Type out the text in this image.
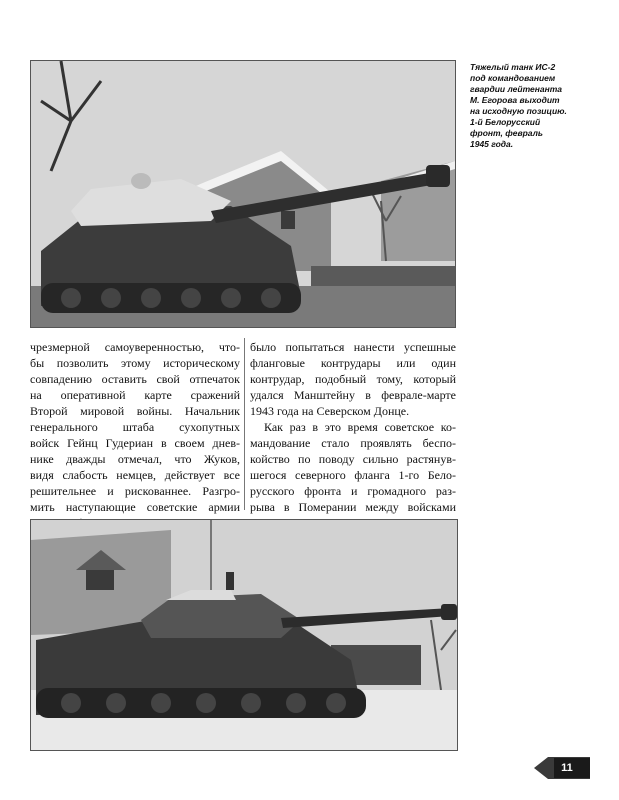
Тяжелый танк ИС-2
под командованием
гвардии лейтенанта
М. Егорова выходит
на исходную позицию.
1-й Белорусский
фронт, февраль
1945 года.
чрезмерной самоуверенностью, что-
бы позволить этому историческому
совпадению оставить свой отпечаток
на оперативной карте сражений
Второй мировой войны. Начальник
генерального штаба сухопутных
войск Гейнц Гудериан в своем днев-
нике дважды отмечал, что Жуков,
видя слабость немцев, действует все
решительнее и рискованнее. Разгро-
мить наступающие советские армии
было попытаться нанести успешные
фланговые контрудары или один
контрудар, подобный тому, который
удался Манштейну в феврале-марте
1943 года на Северском Донце.
Как раз в это время советское ко-
мандование стало проявлять беспо-
койство по поводу сильно растянув-
шегося северного фланга 1-го Бело-
русского фронта и громадного раз-
рыва в Померании между войсками
11
